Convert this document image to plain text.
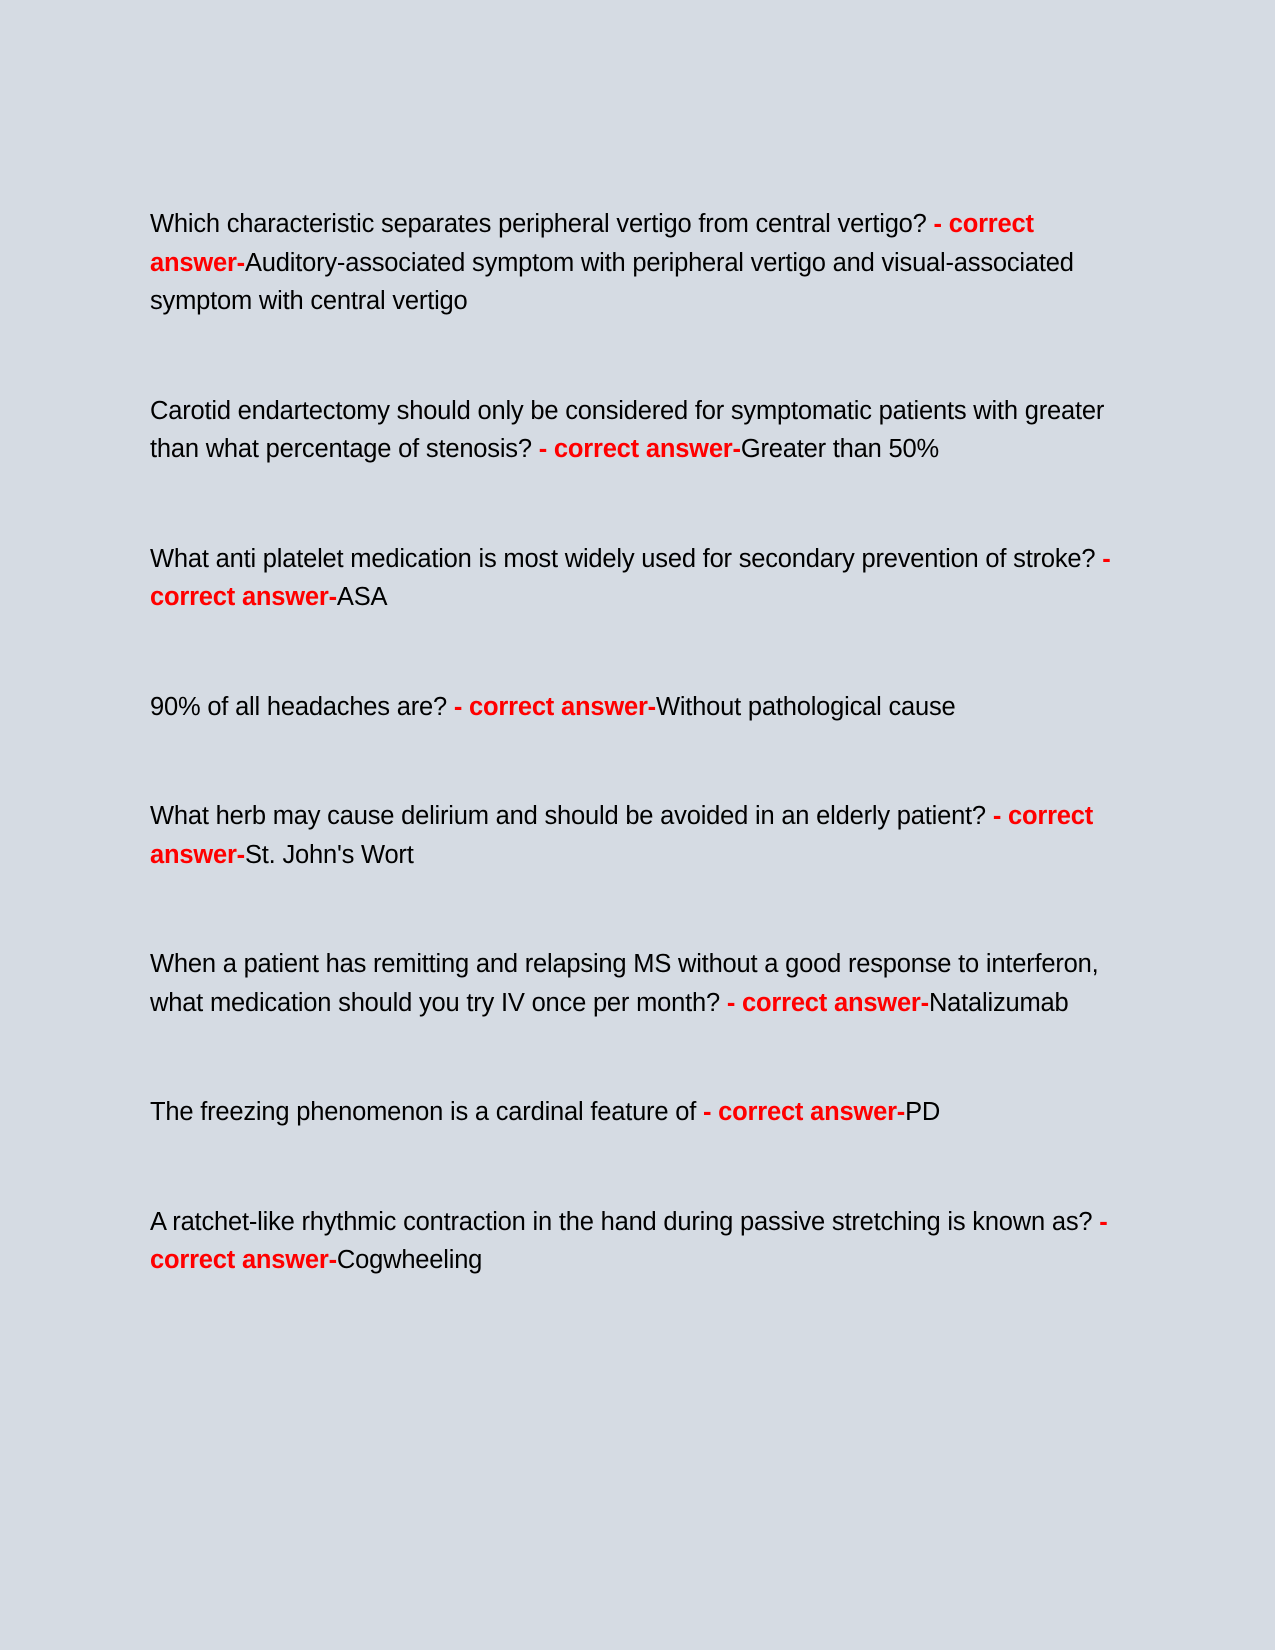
Which characteristic separates peripheral vertigo from central vertigo? - correct answer-Auditory-associated symptom with peripheral vertigo and visual-associated symptom with central vertigo

Carotid endartectomy should only be considered for symptomatic patients with greater than what percentage of stenosis? - correct answer-Greater than 50%

What anti platelet medication is most widely used for secondary prevention of stroke? - correct answer-ASA

90% of all headaches are? - correct answer-Without pathological cause

What herb may cause delirium and should be avoided in an elderly patient? - correct answer-St. John's Wort

When a patient has remitting and relapsing MS without a good response to interferon, what medication should you try IV once per month? - correct answer-Natalizumab

The freezing phenomenon is a cardinal feature of - correct answer-PD

A ratchet-like rhythmic contraction in the hand during passive stretching is known as? - correct answer-Cogwheeling
